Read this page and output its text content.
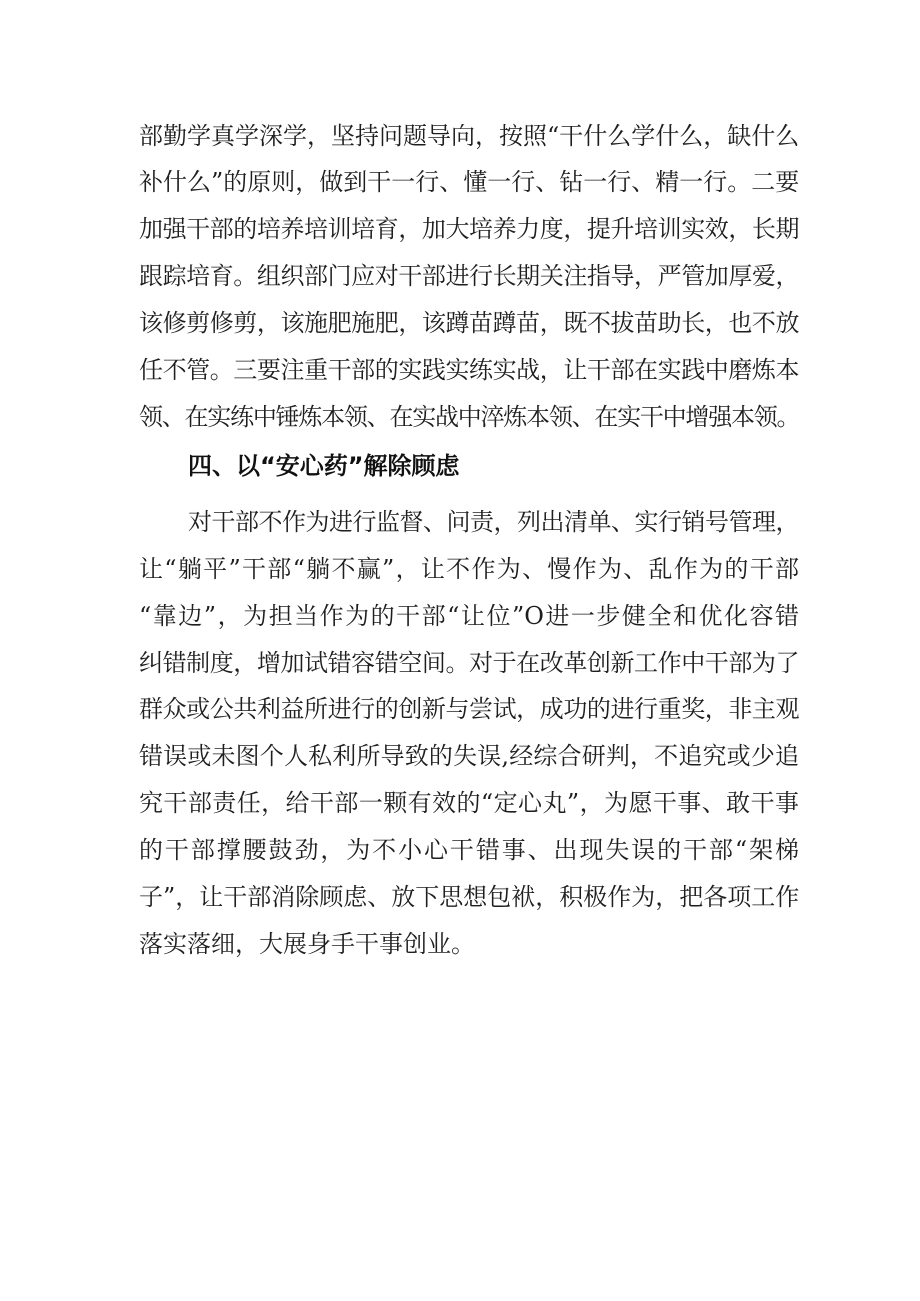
部勤学真学深学，坚持问题导向，按照“干什么学什么，缺什么
补什么”的原则，做到干一行、懂一行、钻一行、精一行。二要
加强干部的培养培训培育，加大培养力度，提升培训实效，长期
跟踪培育。组织部门应对干部进行长期关注指导，严管加厚爱，
该修剪修剪，该施肥施肥，该蹲苗蹲苗，既不拔苗助长，也不放
任不管。三要注重干部的实践实练实战，让干部在实践中磨炼本
领、在实练中锤炼本领、在实战中淬炼本领、在实干中增强本领。
四、以“安心药”解除顾虑
对干部不作为进行监督、问责，列出清单、实行销号管理，
让“躺平”干部“躺不赢”，让不作为、慢作为、乱作为的干部
“靠边”，为担当作为的干部“让位”O进一步健全和优化容错
纠错制度，增加试错容错空间。对于在改革创新工作中干部为了
群众或公共利益所进行的创新与尝试，成功的进行重奖，非主观
错误或未图个人私利所导致的失误,经综合研判，不追究或少追
究干部责任，给干部一颗有效的“定心丸”，为愿干事、敢干事
的干部撑腰鼓劲，为不小心干错事、出现失误的干部“架梯
子”，让干部消除顾虑、放下思想包袱，积极作为，把各项工作
落实落细，大展身手干事创业。
